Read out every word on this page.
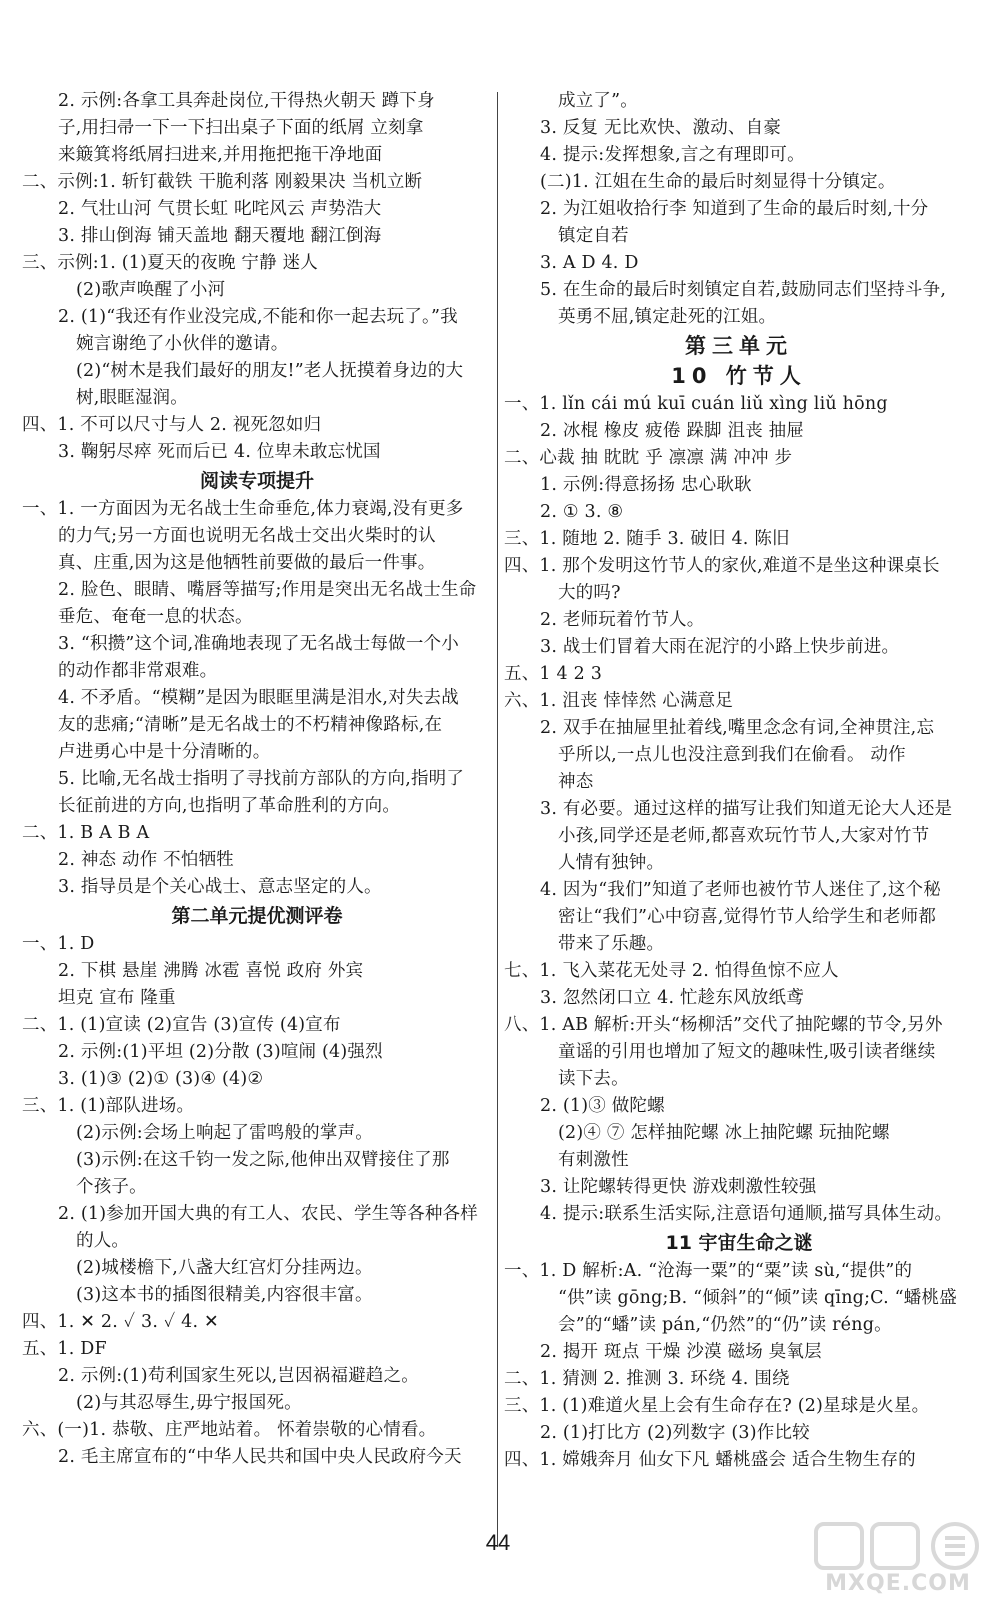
2. 示例:各拿工具奔赴岗位,干得热火朝天 蹲下身
子,用扫帚一下一下扫出桌子下面的纸屑 立刻拿
来簸箕将纸屑扫进来,并用拖把拖干净地面
二、示例:1. 斩钉截铁 干脆利落 刚毅果决 当机立断
2. 气壮山河 气贯长虹 叱咤风云 声势浩大
3. 排山倒海 铺天盖地 翻天覆地 翻江倒海
三、示例:1. (1)夏天的夜晚 宁静 迷人
(2)歌声唤醒了小河
2. (1)“我还有作业没完成,不能和你一起去玩了。”我
婉言谢绝了小伙伴的邀请。
(2)“树木是我们最好的朋友!”老人抚摸着身边的大
树,眼眶湿润。
四、1. 不可以尺寸与人 2. 视死忽如归
3. 鞠躬尽瘁 死而后已 4. 位卑未敢忘忧国
阅读专项提升
一、1. 一方面因为无名战士生命垂危,体力衰竭,没有更多
的力气;另一方面也说明无名战士交出火柴时的认
真、庄重,因为这是他牺牲前要做的最后一件事。
2. 脸色、眼睛、嘴唇等描写;作用是突出无名战士生命
垂危、奄奄一息的状态。
3. “积攒”这个词,准确地表现了无名战士每做一个小
的动作都非常艰难。
4. 不矛盾。“模糊”是因为眼眶里满是泪水,对失去战
友的悲痛;“清晰”是无名战士的不朽精神像路标,在
卢进勇心中是十分清晰的。
5. 比喻,无名战士指明了寻找前方部队的方向,指明了
长征前进的方向,也指明了革命胜利的方向。
二、1. B A B A
2. 神态 动作 不怕牺牲
3. 指导员是个关心战士、意志坚定的人。
第二单元提优测评卷
一、1. D
2. 下棋 悬崖 沸腾 冰雹 喜悦 政府 外宾
坦克 宣布 隆重
二、1. (1)宣读 (2)宣告 (3)宣传 (4)宣布
2. 示例:(1)平坦 (2)分散 (3)喧闹 (4)强烈
3. (1)③ (2)① (3)④ (4)②
三、1. (1)部队进场。
(2)示例:会场上响起了雷鸣般的掌声。
(3)示例:在这千钧一发之际,他伸出双臂接住了那
个孩子。
2. (1)参加开国大典的有工人、农民、学生等各种各样
的人。
(2)城楼檐下,八盏大红宫灯分挂两边。
(3)这本书的插图很精美,内容很丰富。
四、1. ✕ 2. ✓ 3. ✓ 4. ✕
五、1. DF
2. 示例:(1)苟利国家生死以,岂因祸福避趋之。
(2)与其忍辱生,毋宁报国死。
六、(一)1. 恭敬、庄严地站着。 怀着崇敬的心情看。
2. 毛主席宣布的“中华人民共和国中央人民政府今天
成立了”。
3. 反复 无比欢快、激动、自豪
4. 提示:发挥想象,言之有理即可。
(二)1. 江姐在生命的最后时刻显得十分镇定。
2. 为江姐收拾行李 知道到了生命的最后时刻,十分
镇定自若
3. A D 4. D
5. 在生命的最后时刻镇定自若,鼓励同志们坚持斗争,
英勇不屈,镇定赴死的江姐。
第三单元
10 竹节人
一、1. lǐn cái mú kuī cuán liǔ xìng liǔ hōng
2. 冰棍 橡皮 疲倦 跺脚 沮丧 抽屉
二、心裁 抽 眈眈 乎 凛凛 满 冲冲 步
1. 示例:得意扬扬 忠心耿耿
2. ① 3. ⑧
三、1. 随地 2. 随手 3. 破旧 4. 陈旧
四、1. 那个发明这竹节人的家伙,难道不是坐这种课桌长
大的吗?
2. 老师玩着竹节人。
3. 战士们冒着大雨在泥泞的小路上快步前进。
五、1 4 2 3
六、1. 沮丧 悻悻然 心满意足
2. 双手在抽屉里扯着线,嘴里念念有词,全神贯注,忘
乎所以,一点儿也没注意到我们在偷看。 动作
神态
3. 有必要。通过这样的描写让我们知道无论大人还是
小孩,同学还是老师,都喜欢玩竹节人,大家对竹节
人情有独钟。
4. 因为“我们”知道了老师也被竹节人迷住了,这个秘
密让“我们”心中窃喜,觉得竹节人给学生和老师都
带来了乐趣。
七、1. 飞入菜花无处寻 2. 怕得鱼惊不应人
3. 忽然闭口立 4. 忙趁东风放纸鸢
八、1. AB 解析:开头“杨柳活”交代了抽陀螺的节令,另外
童谣的引用也增加了短文的趣味性,吸引读者继续
读下去。
2. (1)③ 做陀螺
(2)④ ⑦ 怎样抽陀螺 冰上抽陀螺 玩抽陀螺
有刺激性
3. 让陀螺转得更快 游戏刺激性较强
4. 提示:联系生活实际,注意语句通顺,描写具体生动。
11 宇宙生命之谜
一、1. D 解析:A. “沧海一粟”的“粟”读 sù,“提供”的
“供”读 gōng;B. “倾斜”的“倾”读 qīng;C. “蟠桃盛
会”的“蟠”读 pán,“仍然”的“仍”读 réng。
2. 揭开 斑点 干燥 沙漠 磁场 臭氧层
二、1. 猜测 2. 推测 3. 环绕 4. 围绕
三、1. (1)难道火星上会有生命存在? (2)星球是火星。
2. (1)打比方 (2)列数字 (3)作比较
四、1. 嫦娥奔月 仙女下凡 蟠桃盛会 适合生物生存的
44
MXQE.COM
